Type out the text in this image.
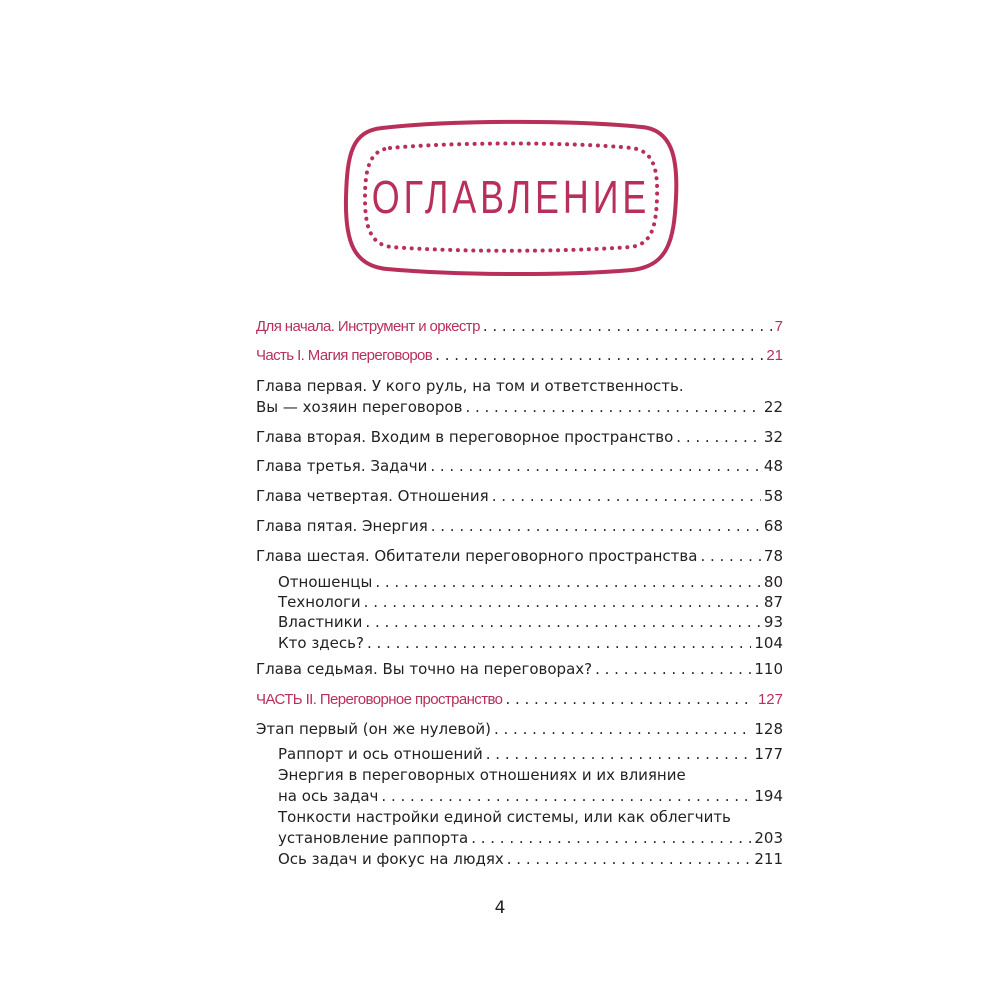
ОГЛАВЛЕНИЕ
Для начала. Инструмент и оркестр . . .	7
Часть I. Магия переговоров . . .	21
Глава первая. У кого руль, на том и ответственность.
Вы — хозяин переговоров . . .	22
Глава вторая. Входим в переговорное пространство . . .	32
Глава третья. Задачи . . .	48
Глава четвертая. Отношения . . .	58
Глава пятая. Энергия . . .	68
Глава шестая. Обитатели переговорного пространства . . .	78
Отношенцы . . .	80
Технологи . . .	87
Властники . . .	93
Кто здесь? . . .	104
Глава седьмая. Вы точно на переговорах? . . .	110
ЧАСТЬ II. Переговорное пространство . . .	127
Этап первый (он же нулевой) . . .	128
Раппорт и ось отношений . . .	177
Энергия в переговорных отношениях и их влияние
на ось задач . . .	194
Тонкости настройки единой системы, или как облегчить
установление раппорта . . .	203
Ось задач и фокус на людях . . .	211
4
